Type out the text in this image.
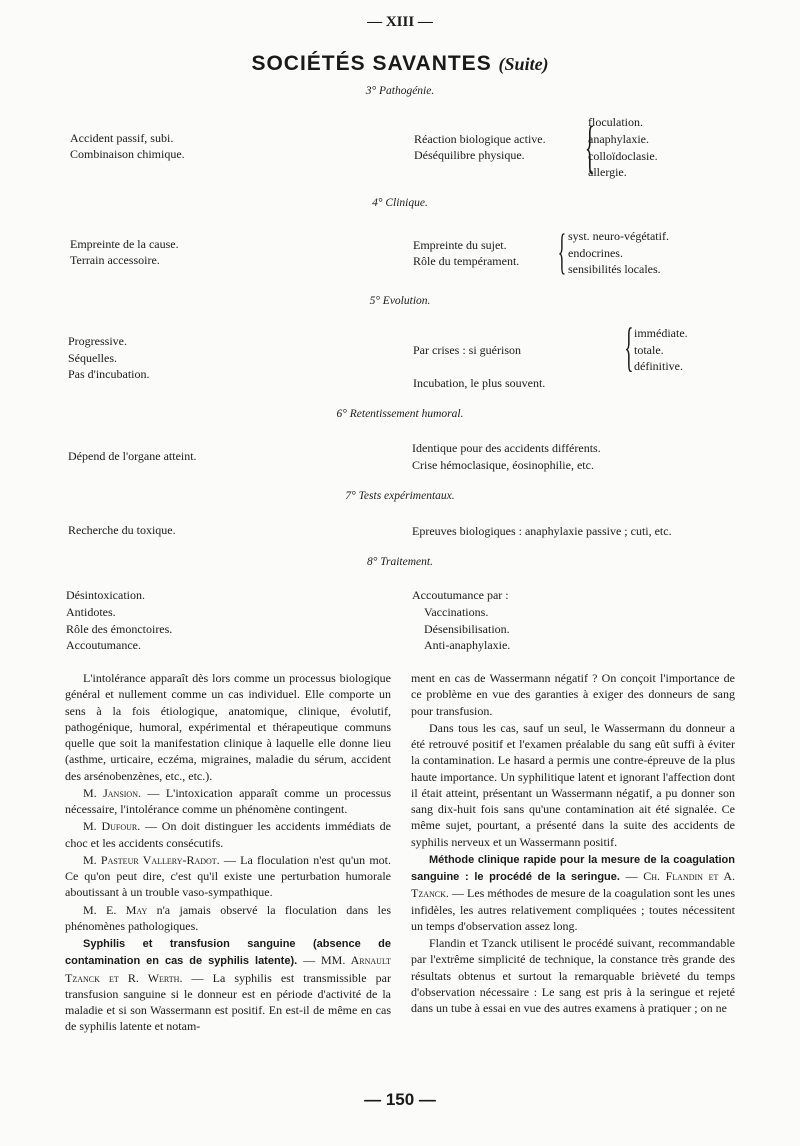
— XIII —
SOCIÉTÉS SAVANTES (Suite)
3° Pathogénie.
Accident passif, subi.
Combinaison chimique.
Réaction biologique active.
Déséquilibre physique. {
floculation.
anaphylaxie.
colloïdoclasie.
allergie.
4° Clinique.
Empreinte de la cause.
Terrain accessoire.
Empreinte du sujet.
Rôle du tempérament. { syst. neuro-végétatif.
endocrines.
sensibilités locales.
5° Evolution.
Progressive.
Séquelles.
Pas d'incubation.
Par crises : si guérison
Incubation, le plus souvent.
{ immédiate.
totale.
définitive.
6° Retentissement humoral.
Dépend de l'organe atteint.
Identique pour des accidents différents.
Crise hémoclasique, éosinophilie, etc.
7° Tests expérimentaux.
Recherche du toxique.	Epreuves biologiques : anaphylaxie passive ; cuti, etc.
8° Traitement.
Désintoxication.
Antidotes.
Rôle des émonctoires.
Accoutumance.
Accoutumance par :
Vaccinations.
Désensibilisation.
Anti-anaphylaxie.

L'intolérance apparaît dès lors comme un processus biologique général et nullement comme un cas individuel. Elle comporte un sens à la fois étiologique, anatomique, clinique, évolutif, pathogénique, humoral, expérimental et thérapeutique communs quelle que soit la manifestation clinique à laquelle elle donne lieu (asthme, urticaire, eczéma, migraines, maladie du sérum, accident des arsénobenzènes, etc., etc.).

M. Jansion. — L'intoxication apparaît comme un processus nécessaire, l'intolérance comme un phénomène contingent.

M. Dufour. — On doit distinguer les accidents immédiats de choc et les accidents consécutifs.

M. Pasteur Vallery-Radot. — La floculation n'est qu'un mot. Ce qu'on peut dire, c'est qu'il existe une perturbation humorale aboutissant à un trouble vaso-sympathique.

M. E. May n'a jamais observé la floculation dans les phénomènes pathologiques.

Syphilis et transfusion sanguine (absence de contamination en cas de syphilis latente). — MM. Arnault Tzanck et R. Werth. — La syphilis est transmissible par transfusion sanguine si le donneur est en période d'activité de la maladie et si son Wassermann est positif. En est-il de même en cas de syphilis latente et notam-

ment en cas de Wassermann négatif ? On conçoit l'importance de ce problème en vue des garanties à exiger des donneurs de sang pour transfusion.

Dans tous les cas, sauf un seul, le Wassermann du donneur a été retrouvé positif et l'examen préalable du sang eût suffi à éviter la contamination. Le hasard a permis une contre-épreuve de la plus haute importance. Un syphilitique latent et ignorant l'affection dont il était atteint, présentant un Wassermann négatif, a pu donner son sang dix-huit fois sans qu'une contamination ait été signalée. Ce même sujet, pourtant, a présenté dans la suite des accidents de syphilis nerveux et un Wassermann positif.

Méthode clinique rapide pour la mesure de la coagulation sanguine : le procédé de la seringue. — Ch. Flandin et A. Tzanck. — Les méthodes de mesure de la coagulation sont les unes infidèles, les autres relativement compliquées ; toutes nécessitent un temps d'observation assez long.

Flandin et Tzanck utilisent le procédé suivant, recommandable par l'extrême simplicité de technique, la constance très grande des résultats obtenus et surtout la remarquable brièveté du temps d'observation nécessaire : Le sang est pris à la seringue et rejeté dans un tube à essai en vue des autres examens à pratiquer ; on ne

— 150 —
